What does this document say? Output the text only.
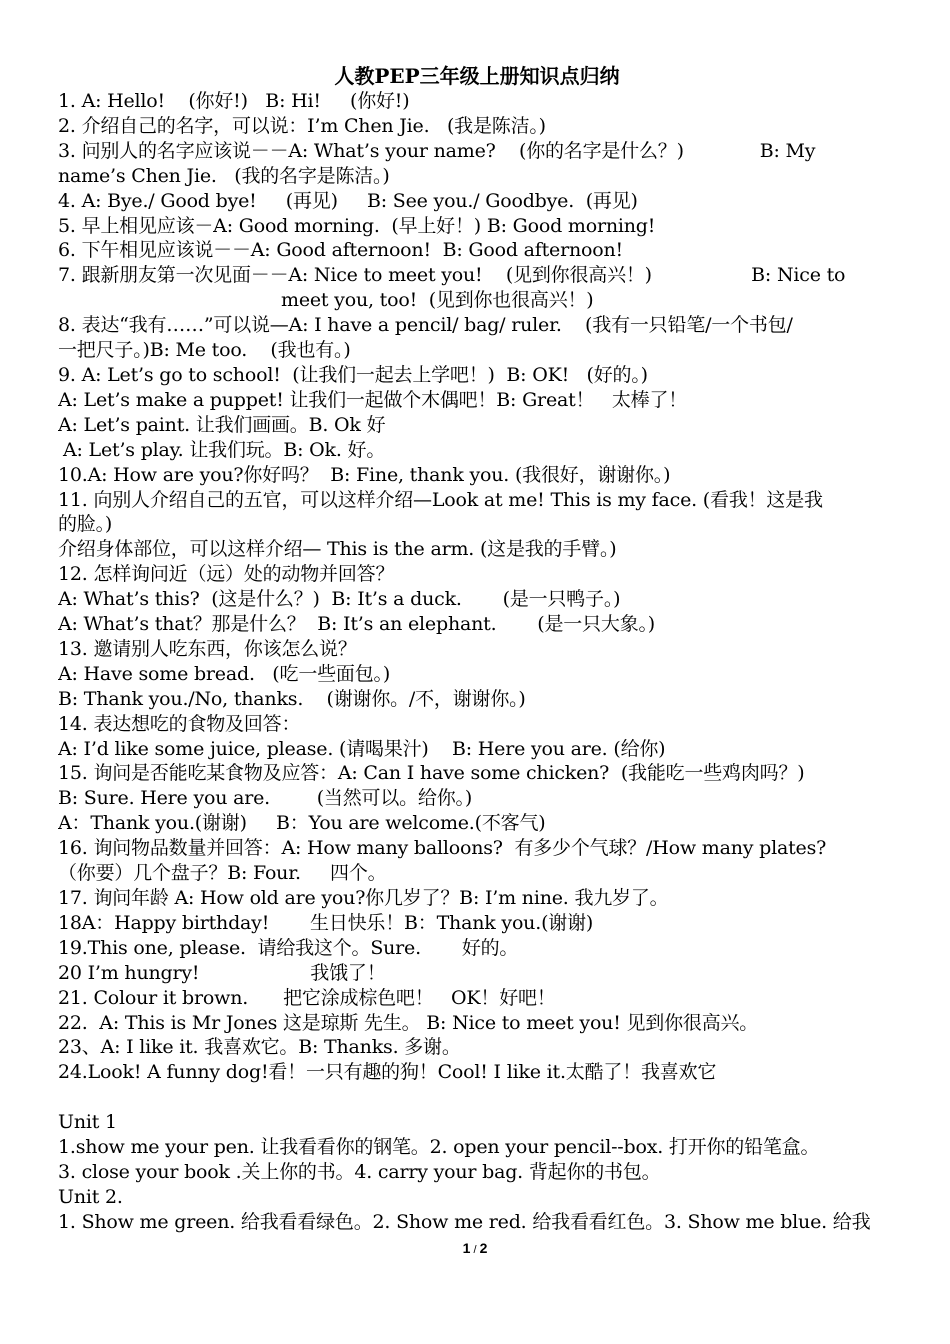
人教PEP三年级上册知识点归纳
1. A: Hello!    (你好!)   B: Hi!     (你好!)
2. 介绍自己的名字，可以说：I’m Chen Jie.   (我是陈洁。)
3. 问别人的名字应该说－－A: What’s your name?    (你的名字是什么？)             B: My
name’s Chen Jie.   (我的名字是陈洁。)
4. A: Bye./ Good bye!     (再见)     B: See you./ Goodbye.  (再见)
5. 早上相见应该－A: Good morning.  (早上好！) B: Good morning!
6. 下午相见应该说－－A: Good afternoon!  B: Good afternoon!
7. 跟新朋友第一次见面－－A: Nice to meet you!    (见到你很高兴！)                 B: Nice to
meet you, too!  (见到你也很高兴！)
8. 表达“我有……”可以说—A: I have a pencil/ bag/ ruler.    (我有一只铅笔/一个书包/
一把尺子。)B: Me too.    (我也有。)
9. A: Let’s go to school!  (让我们一起去上学吧！)  B: OK!   (好的。)
A: Let’s make a puppet! 让我们一起做个木偶吧！B: Great！   太棒了！
A: Let’s paint. 让我们画画。B. Ok 好
A: Let’s play. 让我们玩。B: Ok. 好。
10.A: How are you?你好吗？  B: Fine, thank you. (我很好，谢谢你。)
11. 向别人介绍自己的五官，可以这样介绍—Look at me! This is my face. (看我！这是我
的脸。)
介绍身体部位，可以这样介绍— This is the arm. (这是我的手臂。)
12. 怎样询问近（远）处的动物并回答？
A: What’s this?  (这是什么？)  B: It’s a duck.       (是一只鸭子。)
A: What’s that？那是什么？  B: It’s an elephant.       (是一只大象。)
13. 邀请别人吃东西，你该怎么说？
A: Have some bread.   (吃一些面包。)
B: Thank you./No, thanks.    (谢谢你。/不，谢谢你。)
14. 表达想吃的食物及回答：
A: I’d like some juice, please. (请喝果汁)    B: Here you are. (给你)
15. 询问是否能吃某食物及应答：A: Can I have some chicken?  (我能吃一些鸡肉吗？)
B: Sure. Here you are.        (当然可以。给你。)
A：Thank you.(谢谢)     B：You are welcome.(不客气)
16. 询问物品数量并回答：A: How many balloons?  有多少个气球？/How many plates?
（你要）几个盘子？B: Four.     四个。
17. 询问年龄 A: How old are you?你几岁了？B: I’m nine. 我九岁了。
18A：Happy birthday!       生日快乐！B：Thank you.(谢谢)
19.This one, please.  请给我这个。Sure.       好的。
20 I’m hungry!                   我饿了！
21. Colour it brown.      把它涂成棕色吧！   OK！好吧！
22.  A: This is Mr Jones 这是琼斯 先生。 B: Nice to meet you! 见到你很高兴。
23、A: I like it. 我喜欢它。B: Thanks. 多谢。
24.Look! A funny dog!看！一只有趣的狗！Cool! I like it.太酷了！我喜欢它
Unit 1
1.show me your pen. 让我看看你的钢笔。2. open your pencil--box. 打开你的铅笔盒。
3. close your book .关上你的书。4. carry your bag. 背起你的书包。
Unit 2.
1. Show me green. 给我看看绿色。2. Show me red. 给我看看红色。3. Show me blue. 给我
1 / 2
